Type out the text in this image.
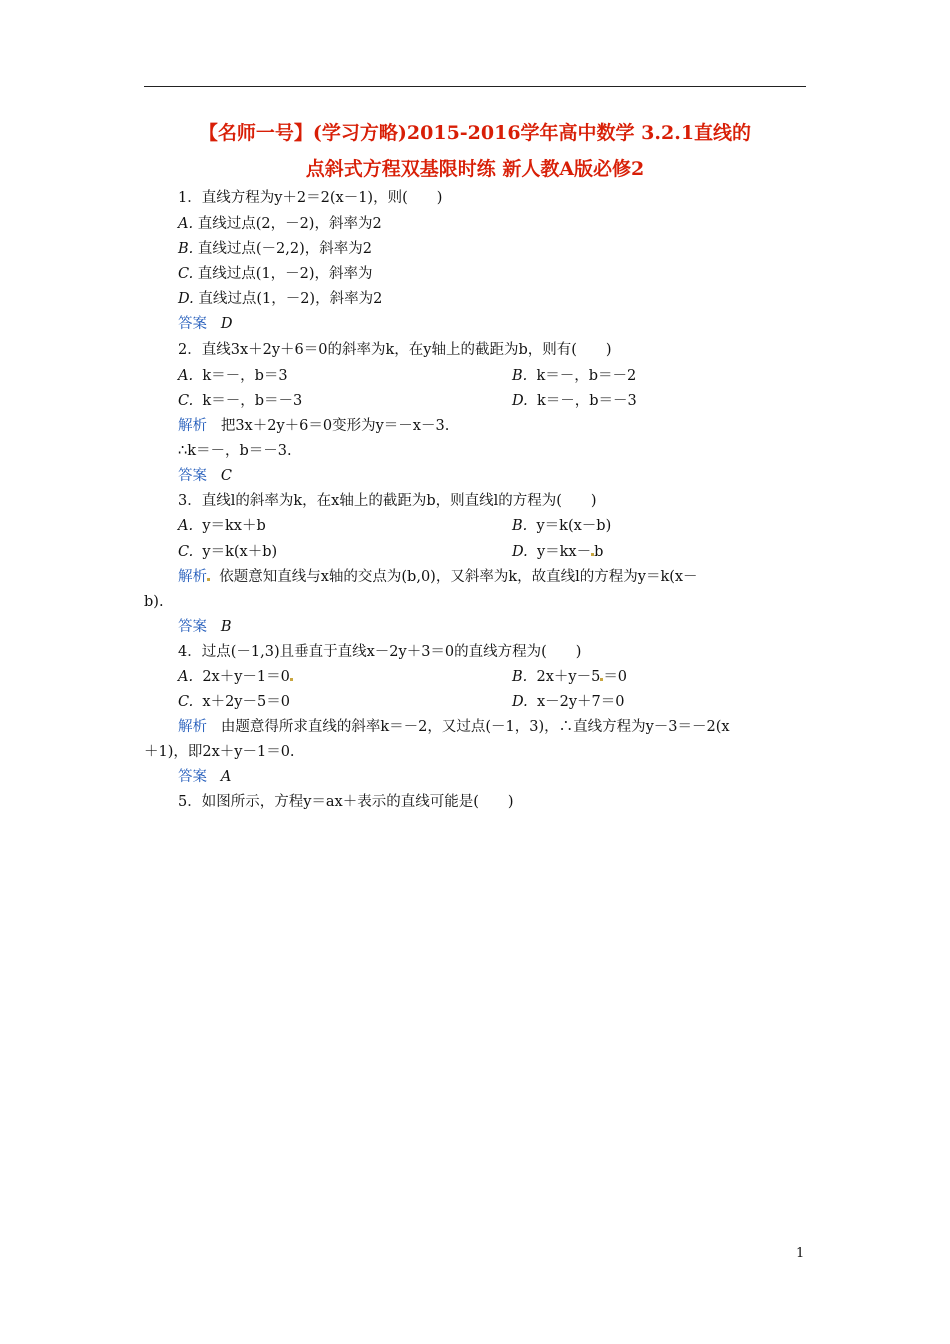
【名师一号】(学习方略)2015-2016学年高中数学 3.2.1直线的
点斜式方程双基限时练 新人教A版必修2
1．直线方程为y＋2＝2(x－1)，则(　　)
A. 直线过点(2，－2)，斜率为2
B. 直线过点(－2,2)，斜率为2
C. 直线过点(1，－2)，斜率为
D. 直线过点(1，－2)，斜率为2
答案 D
2．直线3x＋2y＋6＝0的斜率为k，在y轴上的截距为b，则有(　　)
A. k＝－，b＝3	B. k＝－，b＝－2
C. k＝－，b＝－3	D. k＝－，b＝－3
解析 把3x＋2y＋6＝0变形为y＝－x－3.
∴k＝－，b＝－3.
答案 C
3．直线l的斜率为k，在x轴上的截距为b，则直线l的方程为(　　)
A. y＝kx＋b	B. y＝k(x－b)
C. y＝k(x＋b)	D. y＝kx－ b
解析 依题意知直线与x轴的交点为(b,0)，又斜率为k，故直线l的方程为y＝k(x－
b).
答案 B
4．过点(－1,3)且垂直于直线x－2y＋3＝0的直线方程为(　　)
A. 2x＋y－1＝0	B. 2x＋y－5 ＝0
C. x＋2y－5＝0	D. x－2y＋7＝0
解析 由题意得所求直线的斜率k＝－2，又过点(－1，3)，∴直线方程为y－3＝－2(x
＋1)，即2x＋y－1＝0.
答案 A
5．如图所示，方程y＝ax＋表示的直线可能是(　　)
1
